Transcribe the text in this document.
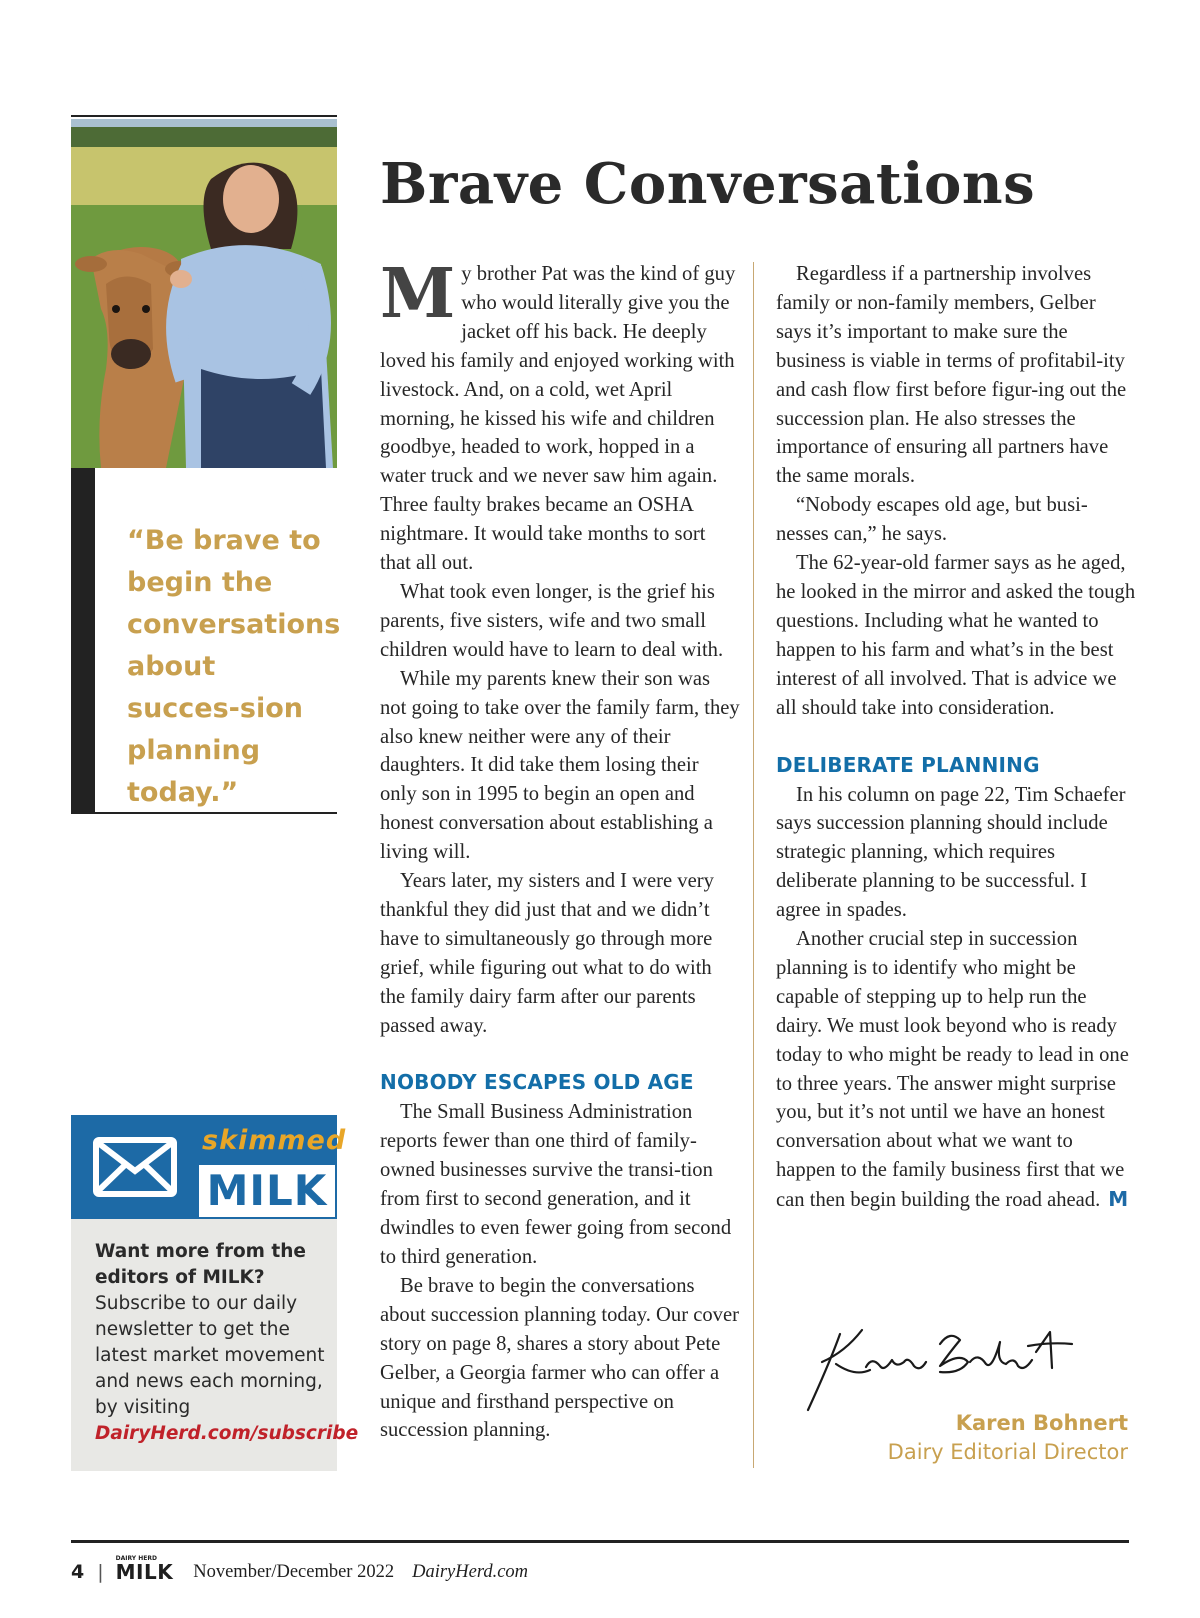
“Be brave to begin the conversations about succes-sion planning today.”

skimmed
MILK
Want more from the editors of MILK?
Subscribe to our daily newsletter to get the latest market movement and news each morning, by visiting
DairyHerd.com/subscribe
Brave Conversations

My brother Pat was the kind of guy who would literally give you the jacket off his back. He deeply loved his family and enjoyed working with livestock. And, on a cold, wet April morning, he kissed his wife and children goodbye, headed to work, hopped in a water truck and we never saw him again. Three faulty brakes became an OSHA nightmare. It would take months to sort that all out.

What took even longer, is the grief his parents, five sisters, wife and two small children would have to learn to deal with.

While my parents knew their son was not going to take over the family farm, they also knew neither were any of their daughters. It did take them losing their only son in 1995 to begin an open and honest conversation about establishing a living will.

Years later, my sisters and I were very thankful they did just that and we didn’t have to simultaneously go through more grief, while figuring out what to do with the family dairy farm after our parents passed away.

NOBODY ESCAPES OLD AGE

The Small Business Administration reports fewer than one third of family-owned businesses survive the transi-tion from first to second generation, and it dwindles to even fewer going from second to third generation.

Be brave to begin the conversations about succession planning today. Our cover story on page 8, shares a story about Pete Gelber, a Georgia farmer who can offer a unique and firsthand perspective on succession planning.

Regardless if a partnership involves family or non-family members, Gelber says it’s important to make sure the business is viable in terms of profitabil-ity and cash flow first before figur-ing out the succession plan. He also stresses the importance of ensuring all partners have the same morals.

“Nobody escapes old age, but busi-nesses can,” he says.

The 62-year-old farmer says as he aged, he looked in the mirror and asked the tough questions. Including what he wanted to happen to his farm and what’s in the best interest of all involved. That is advice we all should take into consideration.

DELIBERATE PLANNING

In his column on page 22, Tim Schaefer says succession planning should include strategic planning, which requires deliberate planning to be successful. I agree in spades.

Another crucial step in succession planning is to identify who might be capable of stepping up to help run the dairy. We must look beyond who is ready today to who might be ready to lead in one to three years. The answer might surprise you, but it’s not until we have an honest conversation about what we want to happen to the family business first that we can then begin building the road ahead. M

Karen Bohnert
Dairy Editorial Director
4 |
DAIRY HERD
MILK November/December 2022 DairyHerd.com
